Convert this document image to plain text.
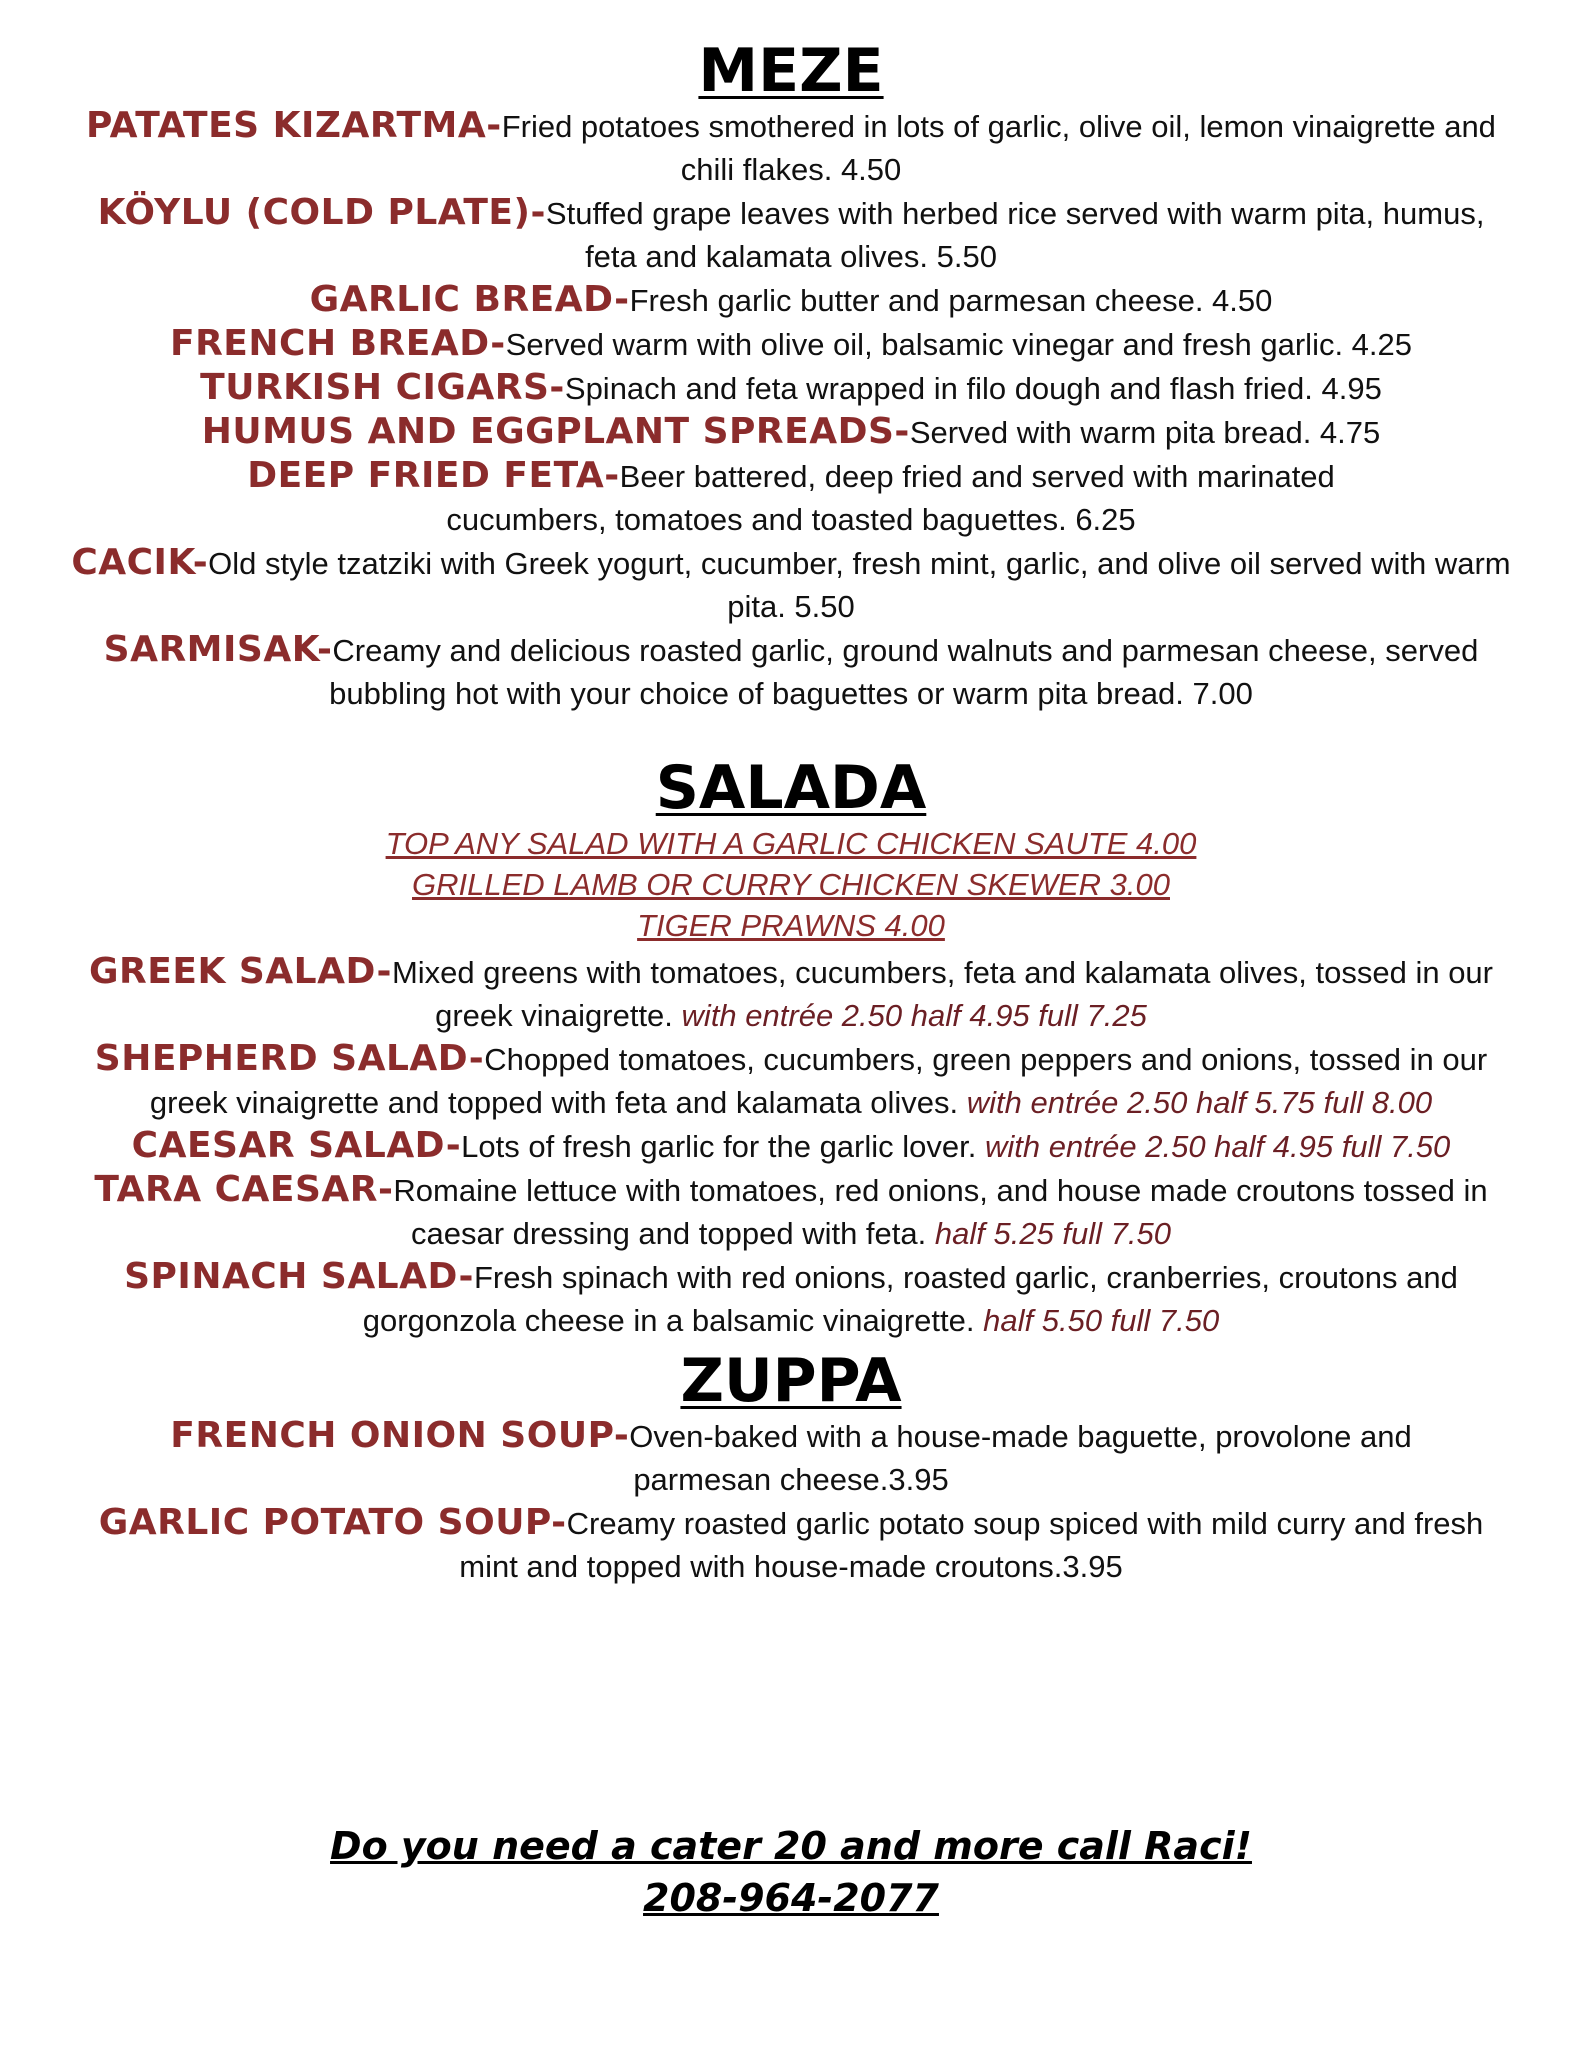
MEZE

PATATES KIZARTMA-Fried potatoes smothered in lots of garlic, olive oil, lemon vinaigrette and chili flakes. 4.50

KÖYLU (COLD PLATE)-Stuffed grape leaves with herbed rice served with warm pita, humus, feta and kalamata olives. 5.50

GARLIC BREAD-Fresh garlic butter and parmesan cheese. 4.50

FRENCH BREAD-Served warm with olive oil, balsamic vinegar and fresh garlic. 4.25

TURKISH CIGARS-Spinach and feta wrapped in filo dough and flash fried. 4.95

HUMUS AND EGGPLANT SPREADS-Served with warm pita bread. 4.75

DEEP FRIED FETA-Beer battered, deep fried and served with marinated cucumbers, tomatoes and toasted baguettes. 6.25

CACIK-Old style tzatziki with Greek yogurt, cucumber, fresh mint, garlic, and olive oil served with warm pita. 5.50

SARMISAK-Creamy and delicious roasted garlic, ground walnuts and parmesan cheese, served bubbling hot with your choice of baguettes or warm pita bread. 7.00

SALADA
TOP ANY SALAD WITH A GARLIC CHICKEN SAUTE 4.00
GRILLED LAMB OR CURRY CHICKEN SKEWER 3.00
TIGER PRAWNS 4.00

GREEK SALAD-Mixed greens with tomatoes, cucumbers, feta and kalamata olives, tossed in our greek vinaigrette. with entrée 2.50 half 4.95 full 7.25

SHEPHERD SALAD-Chopped tomatoes, cucumbers, green peppers and onions, tossed in our greek vinaigrette and topped with feta and kalamata olives. with entrée 2.50 half 5.75 full 8.00

CAESAR SALAD-Lots of fresh garlic for the garlic lover. with entrée 2.50 half 4.95 full 7.50

TARA CAESAR-Romaine lettuce with tomatoes, red onions, and house made croutons tossed in caesar dressing and topped with feta. half 5.25 full 7.50

SPINACH SALAD-Fresh spinach with red onions, roasted garlic, cranberries, croutons and gorgonzola cheese in a balsamic vinaigrette. half 5.50 full 7.50

ZUPPA

FRENCH ONION SOUP-Oven-baked with a house-made baguette, provolone and parmesan cheese.3.95

GARLIC POTATO SOUP-Creamy roasted garlic potato soup spiced with mild curry and fresh mint and topped with house-made croutons.3.95

Do you need a cater 20 and more call Raci!
208-964-2077
